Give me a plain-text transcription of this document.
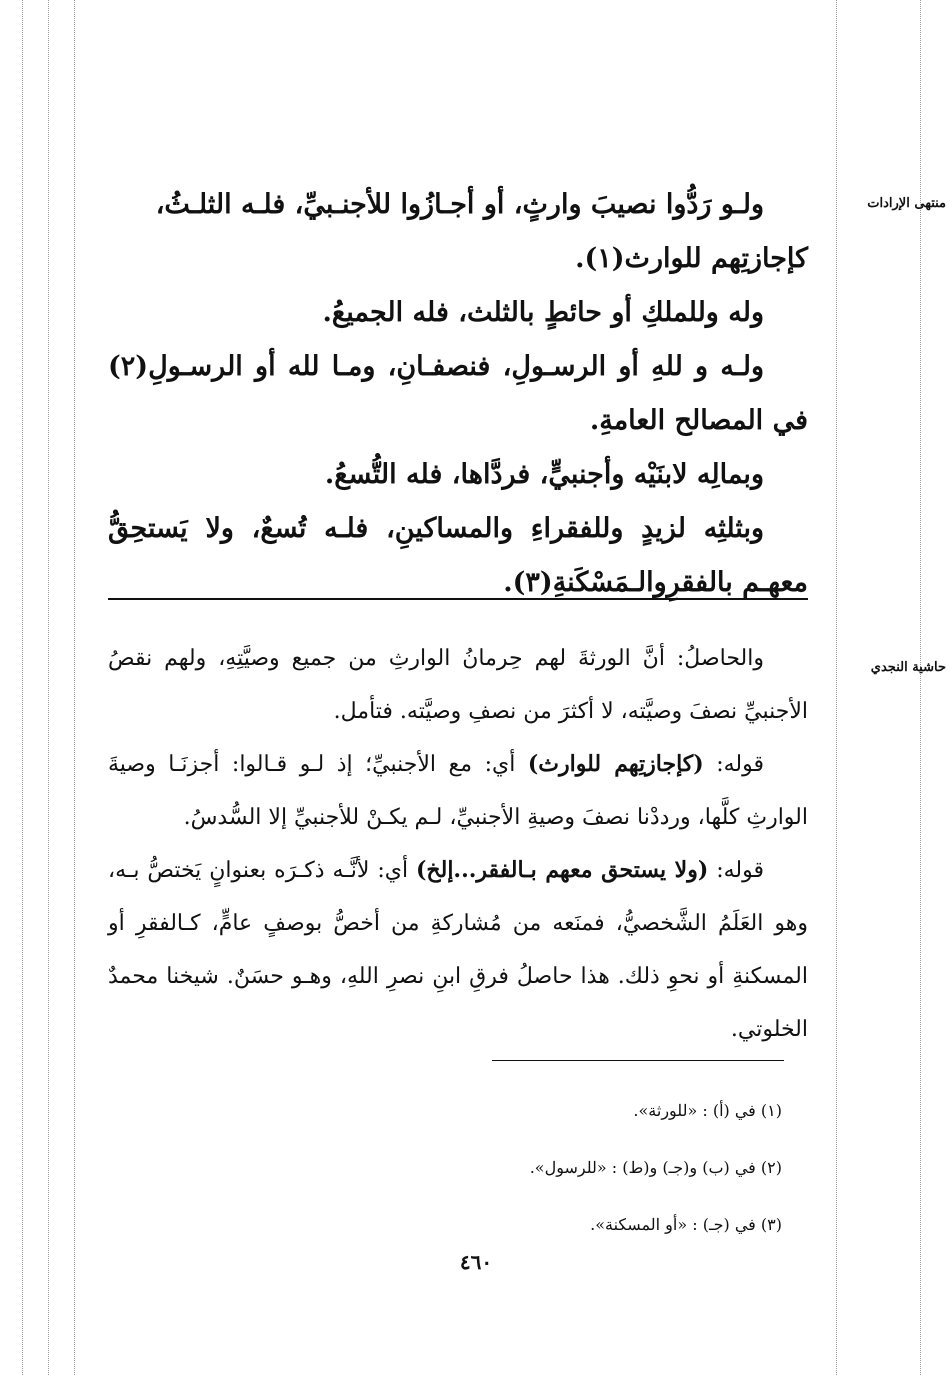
منتهى الإرادات
حاشية النجدي

ولـو رَدُّوا نصيبَ وارثٍ، أو أجـازُوا للأجنـبيِّ، فلـه الثلـثُ،

كإجازتِهم للوارث(١).

وله وللملكِ أو حائطٍ بالثلث، فله الجميعُ.

ولـه و للهِ أو الرسـولِ، فنصفـانِ، ومـا لله أو الرسـولِ(٢) في المصالح العامةِ.

وبمالِه لابنَيْه وأجنبيٍّ، فردَّاها، فله التُّسعُ.

وبثلثِه لزيدٍ وللفقراءِ والمساكينِ، فلـه تُسعٌ، ولا يَستحِقُّ معهـم بالفقرِوالـمَسْكَنةِ(٣).

والحاصلُ: أنَّ الورثةَ لهم حِرمانُ الوارثِ من جميع وصيَّتِهِ، ولهم نقصُ الأجنبيِّ نصفَ وصيَّته، لا أكثرَ من نصفِ وصيَّته. فتأمل.

قوله: (كإجازتِهم للوارث) أي: مع الأجنبيِّ؛ إذ لـو قـالوا: أجزنَـا وصيةَ الوارثِ كلَّها، ورددْنا نصفَ وصيةِ الأجنبيِّ، لـم يكـنْ للأجنبيِّ إلا السُّدسُ.

قوله: (ولا يستحق معهم بـالفقر...إلخ) أي: لأنَّـه ذكـرَه بعنوانٍ يَختصُّ بـه، وهو العَلَمُ الشَّخصيُّ، فمنَعه من مُشاركةِ من أخصُّ بوصفٍ عامٍّ، كـالفقرِ أو المسكنةِ أو نحوِ ذلك. هذا حاصلُ فرقِ ابنِ نصرِ اللهِ، وهـو حسَنٌ. شيخنا محمدٌ الخلوتي.

(١) في (أ) : «للورثة».
(٢) في (ب) و(جـ) و(ط) : «للرسول».
(٣) في (جـ) : «أو المسكنة».
٤٦٠
